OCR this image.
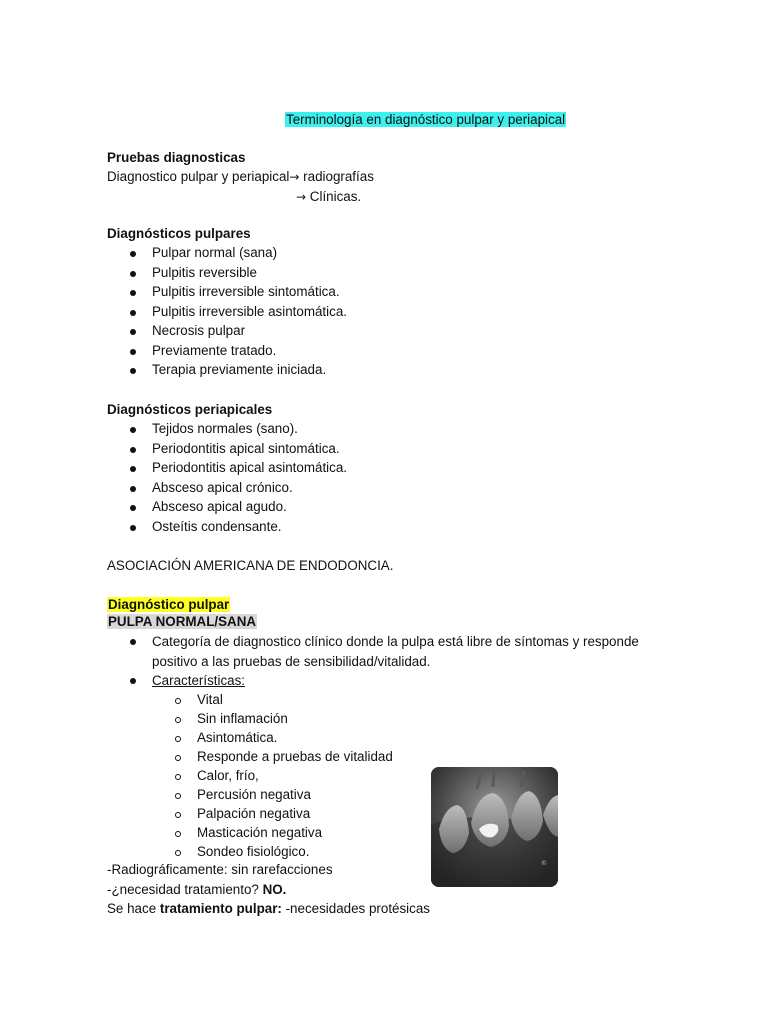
Terminología en diagnóstico pulpar y periapical
Pruebas diagnosticas
Diagnostico pulpar y periapical→ radiografías
→ Clínicas.
Diagnósticos pulpares
Pulpar normal (sana)
Pulpitis reversible
Pulpitis irreversible sintomática.
Pulpitis irreversible asintomática.
Necrosis pulpar
Previamente tratado.
Terapia previamente iniciada.
Diagnósticos periapicales
Tejidos normales (sano).
Periodontitis apical sintomática.
Periodontitis apical asintomática.
Absceso apical crónico.
Absceso apical agudo.
Osteítis condensante.
ASOCIACIÓN AMERICANA DE ENDODONCIA.
Diagnóstico pulpar
PULPA NORMAL/SANA
Categoría de diagnostico clínico donde la pulpa está libre de síntomas y responde
positivo a las pruebas de sensibilidad/vitalidad.
Características:
Vital
Sin inflamación
Asintomática.
Responde a pruebas de vitalidad
Calor, frío,
Percusión negativa
Palpación negativa
Masticación negativa
Sondeo fisiológico.
-Radiográficamente: sin rarefacciones
-¿necesidad tratamiento? NO.
Se hace tratamiento pulpar: -necesidades protésicas
©
